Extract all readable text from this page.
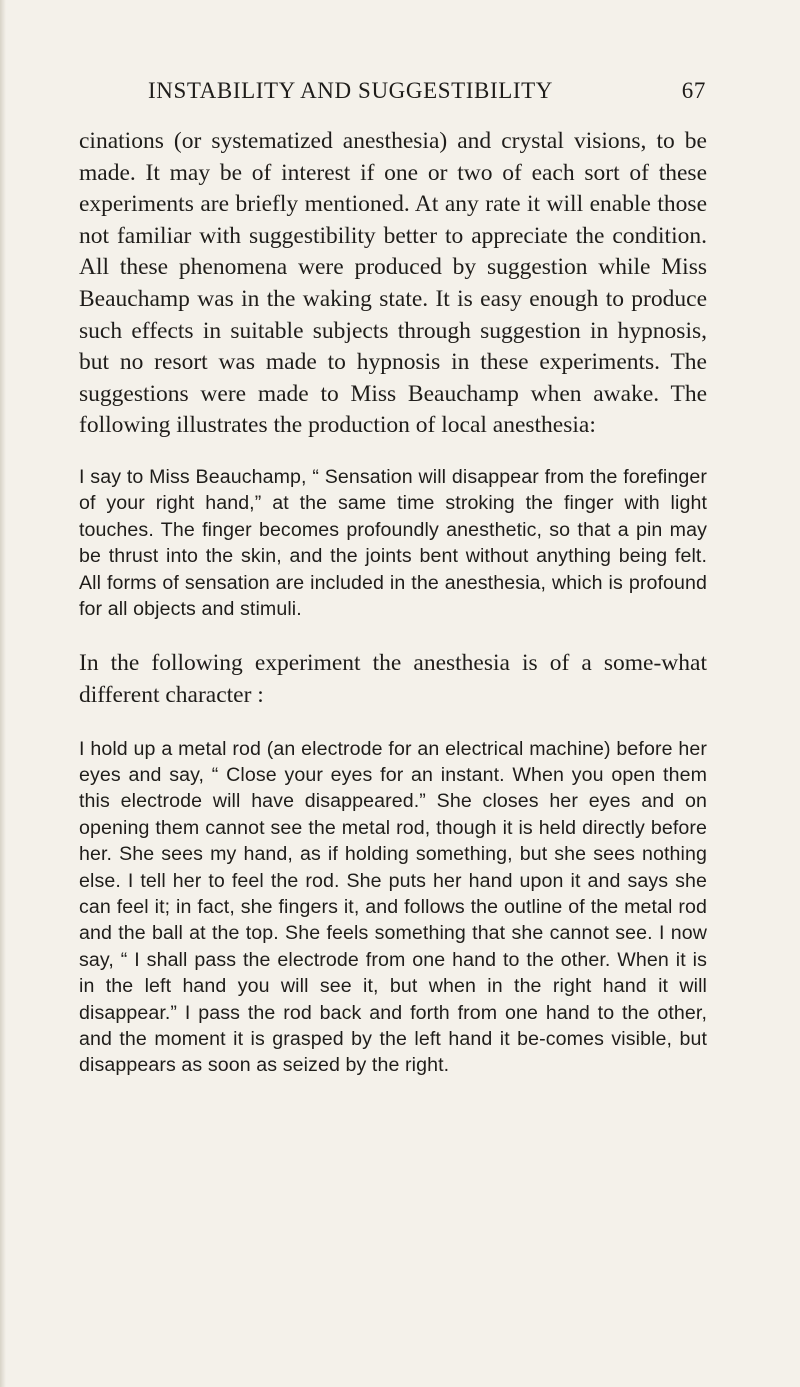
INSTABILITY AND SUGGESTIBILITY	67

cinations (or systematized anesthesia) and crystal visions, to be made. It may be of interest if one or two of each sort of these experiments are briefly mentioned. At any rate it will enable those not familiar with suggestibility better to appreciate the condition. All these phenomena were produced by suggestion while Miss Beauchamp was in the waking state. It is easy enough to produce such effects in suitable subjects through suggestion in hypnosis, but no resort was made to hypnosis in these experiments. The suggestions were made to Miss Beauchamp when awake. The following illustrates the production of local anesthesia:

I say to Miss Beauchamp, “ Sensation will disappear from the forefinger of your right hand,” at the same time stroking the finger with light touches. The finger becomes profoundly anesthetic, so that a pin may be thrust into the skin, and the joints bent without anything being felt. All forms of sensation are included in the anesthesia, which is profound for all objects and stimuli.

In the following experiment the anesthesia is of a some-what different character :

I hold up a metal rod (an electrode for an electrical machine) before her eyes and say, “ Close your eyes for an instant. When you open them this electrode will have disappeared.” She closes her eyes and on opening them cannot see the metal rod, though it is held directly before her. She sees my hand, as if holding something, but she sees nothing else. I tell her to feel the rod. She puts her hand upon it and says she can feel it; in fact, she fingers it, and follows the outline of the metal rod and the ball at the top. She feels something that she cannot see. I now say, “ I shall pass the electrode from one hand to the other. When it is in the left hand you will see it, but when in the right hand it will disappear.” I pass the rod back and forth from one hand to the other, and the moment it is grasped by the left hand it be-comes visible, but disappears as soon as seized by the right.
